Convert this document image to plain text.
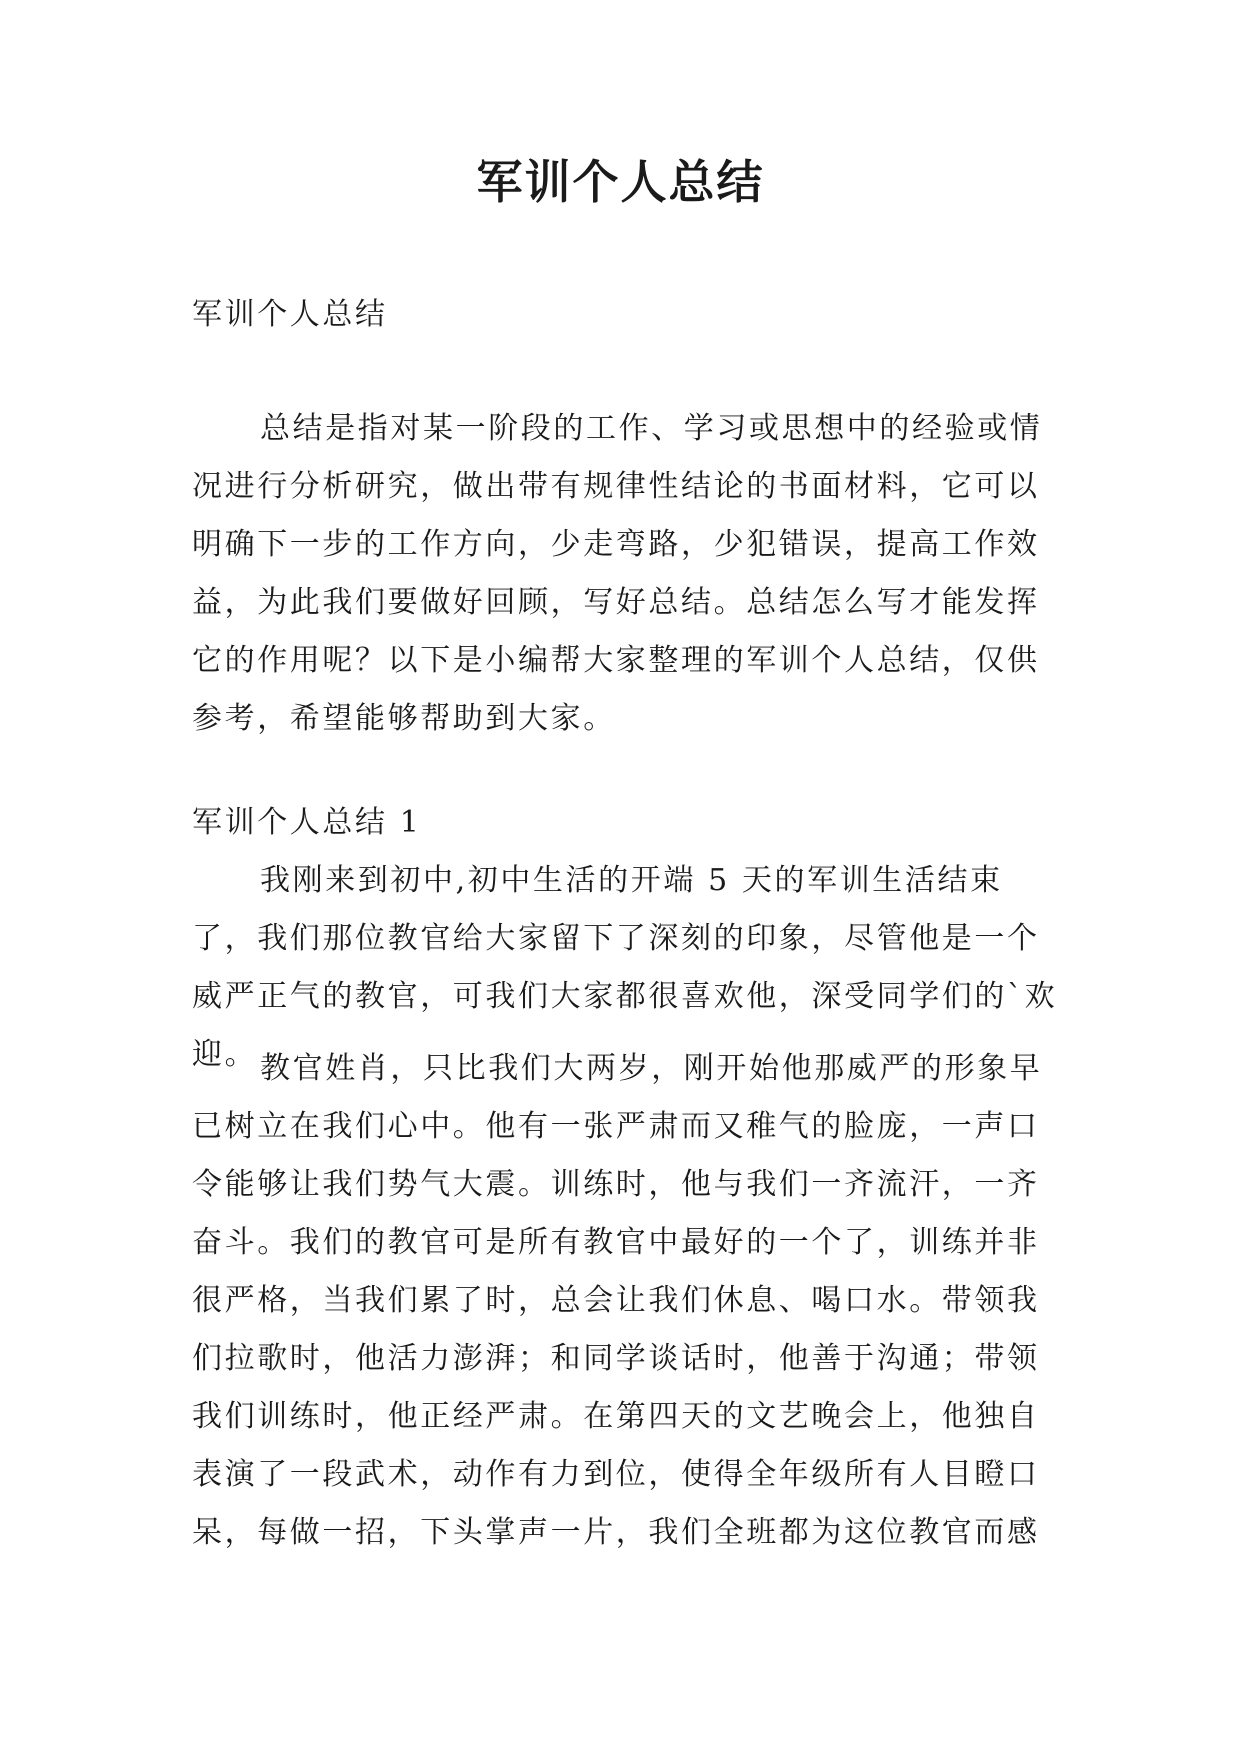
军训个人总结

军训个人总结

总结是指对某一阶段的工作、学习或思想中的经验或情况进行分析研究，做出带有规律性结论的书面材料，它可以明确下一步的工作方向，少走弯路，少犯错误，提高工作效益，为此我们要做好回顾，写好总结。总结怎么写才能发挥它的作用呢？以下是小编帮大家整理的军训个人总结，仅供参考，希望能够帮助到大家。

军训个人总结 1

我刚来到初中,初中生活的开端 5 天的军训生活结束了，我们那位教官给大家留下了深刻的印象，尽管他是一个威严正气的教官，可我们大家都很喜欢他，深受同学们的`欢迎。 教官姓肖，只比我们大两岁，刚开始他那威严的形象早已树立在我们心中。他有一张严肃而又稚气的脸庞，一声口令能够让我们势气大震。训练时，他与我们一齐流汗，一齐奋斗。我们的教官可是所有教官中最好的一个了，训练并非很严格，当我们累了时，总会让我们休息、喝口水。带领我们拉歌时，他活力澎湃；和同学谈话时，他善于沟通；带领我们训练时，他正经严肃。在第四天的文艺晚会上，他独自表演了一段武术，动作有力到位，使得全年级所有人目瞪口呆，每做一招，下头掌声一片，我们全班都为这位教官而感
